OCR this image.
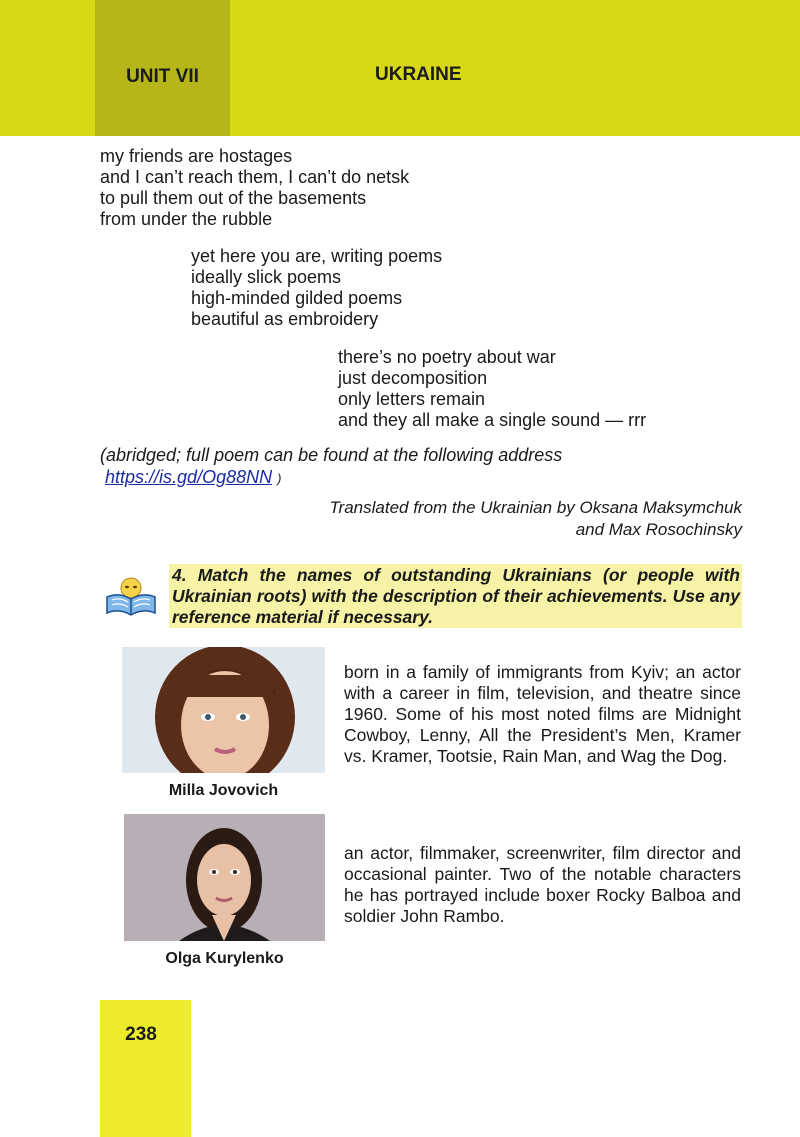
UNIT VII	UKRAINE
my friends are hostages
and I can’t reach them, I can’t do netsk
to pull them out of the basements
from under the rubble
yet here you are, writing poems
ideally slick poems
high-minded gilded poems
beautiful as embroidery
there’s no poetry about war
just decomposition
only letters remain
and they all make a single sound — rrr
(abridged; full poem can be found at the following address
https://is.gd/Og88NN )
Translated from the Ukrainian by Oksana Maksymchuk
and Max Rosochinsky
4. Match the names of outstanding Ukrainians (or people with Ukrainian roots) with the description of their achievements. Use any reference material if necessary.
Milla Jovovich
born in a family of immigrants from Kyiv; an actor with a career in film, television, and theatre since 1960. Some of his most noted films are Midnight Cowboy, Lenny, All the President’s Men, Kramer vs. Kramer, Tootsie, Rain Man, and Wag the Dog.
Olga Kurylenko
an actor, filmmaker, screenwriter, film director and occasional painter. Two of the notable characters he has portrayed include boxer Rocky Balboa and soldier John Rambo.
238
